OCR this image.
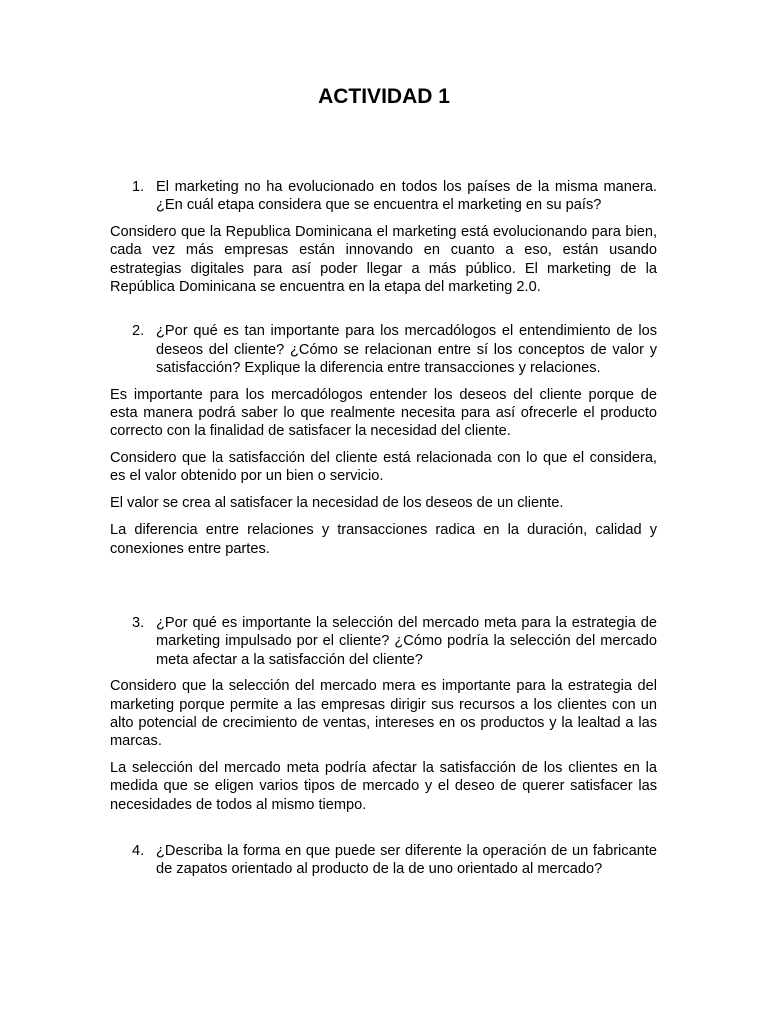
ACTIVIDAD 1
1. El marketing no ha evolucionado en todos los países de la misma manera. ¿En cuál etapa considera que se encuentra el marketing en su país?

Considero que la Republica Dominicana el marketing está evolucionando para bien, cada vez más empresas están innovando en cuanto a eso, están usando estrategias digitales para así poder llegar a más público. El marketing de la República Dominicana se encuentra en la etapa del marketing 2.0.

2. ¿Por qué es tan importante para los mercadólogos el entendimiento de los deseos del cliente? ¿Cómo se relacionan entre sí los conceptos de valor y satisfacción? Explique la diferencia entre transacciones y relaciones.

Es importante para los mercadólogos entender los deseos del cliente porque de esta manera podrá saber lo que realmente necesita para así ofrecerle el producto correcto con la finalidad de satisfacer la necesidad del cliente.

Considero que la satisfacción del cliente está relacionada con lo que el considera, es el valor obtenido por un bien o servicio.

El valor se crea al satisfacer la necesidad de los deseos de un cliente.

La diferencia entre relaciones y transacciones radica en la duración, calidad y conexiones entre partes.

3. ¿Por qué es importante la selección del mercado meta para la estrategia de marketing impulsado por el cliente? ¿Cómo podría la selección del mercado meta afectar a la satisfacción del cliente?

Considero que la selección del mercado mera es importante para la estrategia del marketing porque permite a las empresas dirigir sus recursos a los clientes con un alto potencial de crecimiento de ventas, intereses en os productos y la lealtad a las marcas.

La selección del mercado meta podría afectar la satisfacción de los clientes en la medida que se eligen varios tipos de mercado y el deseo de querer satisfacer las necesidades de todos al mismo tiempo.

4. ¿Describa la forma en que puede ser diferente la operación de un fabricante de zapatos orientado al producto de la de uno orientado al mercado?
